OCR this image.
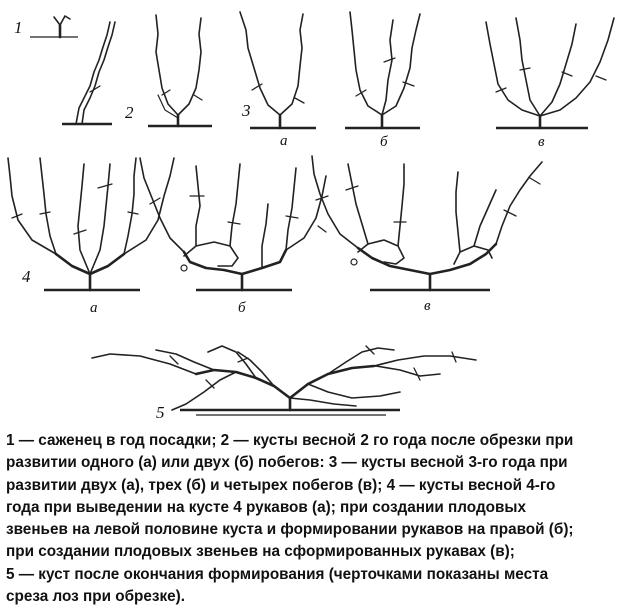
1
2	3
а	б	в
4
а	б	в
5

1 — саженец в год посадки; 2 — кусты весной 2 го года после обрезки при

развитии одного (а) или двух (б) побегов: 3 — кусты весной 3-го года при

развитии двух (а), трех (б) и четырех побегов (в); 4 — кусты весной 4-го

года при выведении на кусте 4 рукавов (а); при создании плодовых

звеньев на левой половине куста и формировании рукавов на правой (б);

при создании плодовых звеньев на сформированных рукавах (в);

5 — куст после окончания формирования (черточками показаны места

среза лоз при обрезке).
